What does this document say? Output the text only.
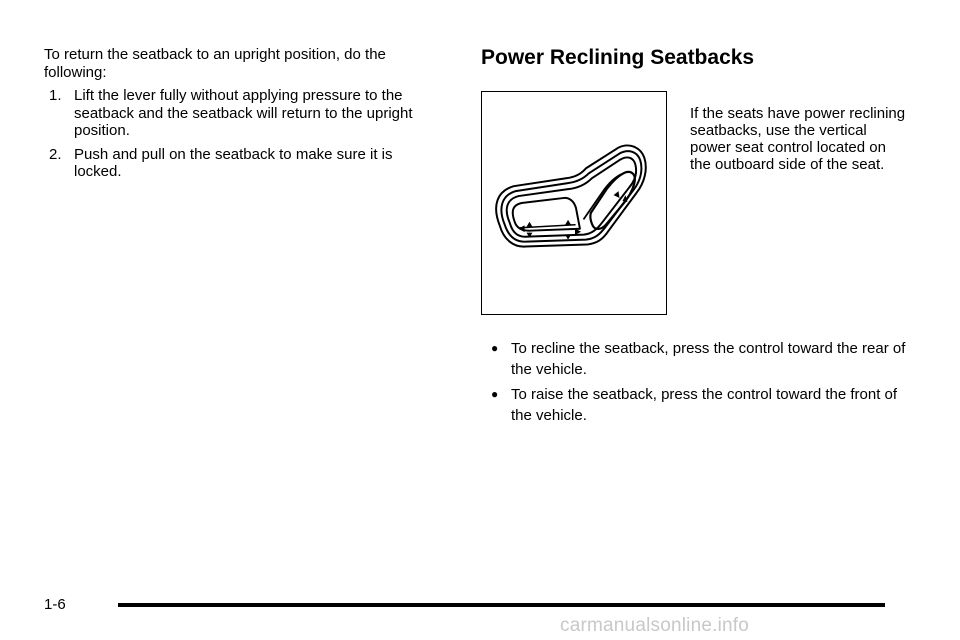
To return the seatback to an upright position, do the following:

1. Lift the lever fully without applying pressure to the seatback and the seatback will return to the upright position.
2. Push and pull on the seatback to make sure it is locked.
Power Reclining Seatbacks

If the seats have power reclining seatbacks, use the vertical power seat control located on the outboard side of the seat.

● To recline the seatback, press the control toward the rear of the vehicle.
● To raise the seatback, press the control toward the front of the vehicle.
1-6
carmanualsonline.info
